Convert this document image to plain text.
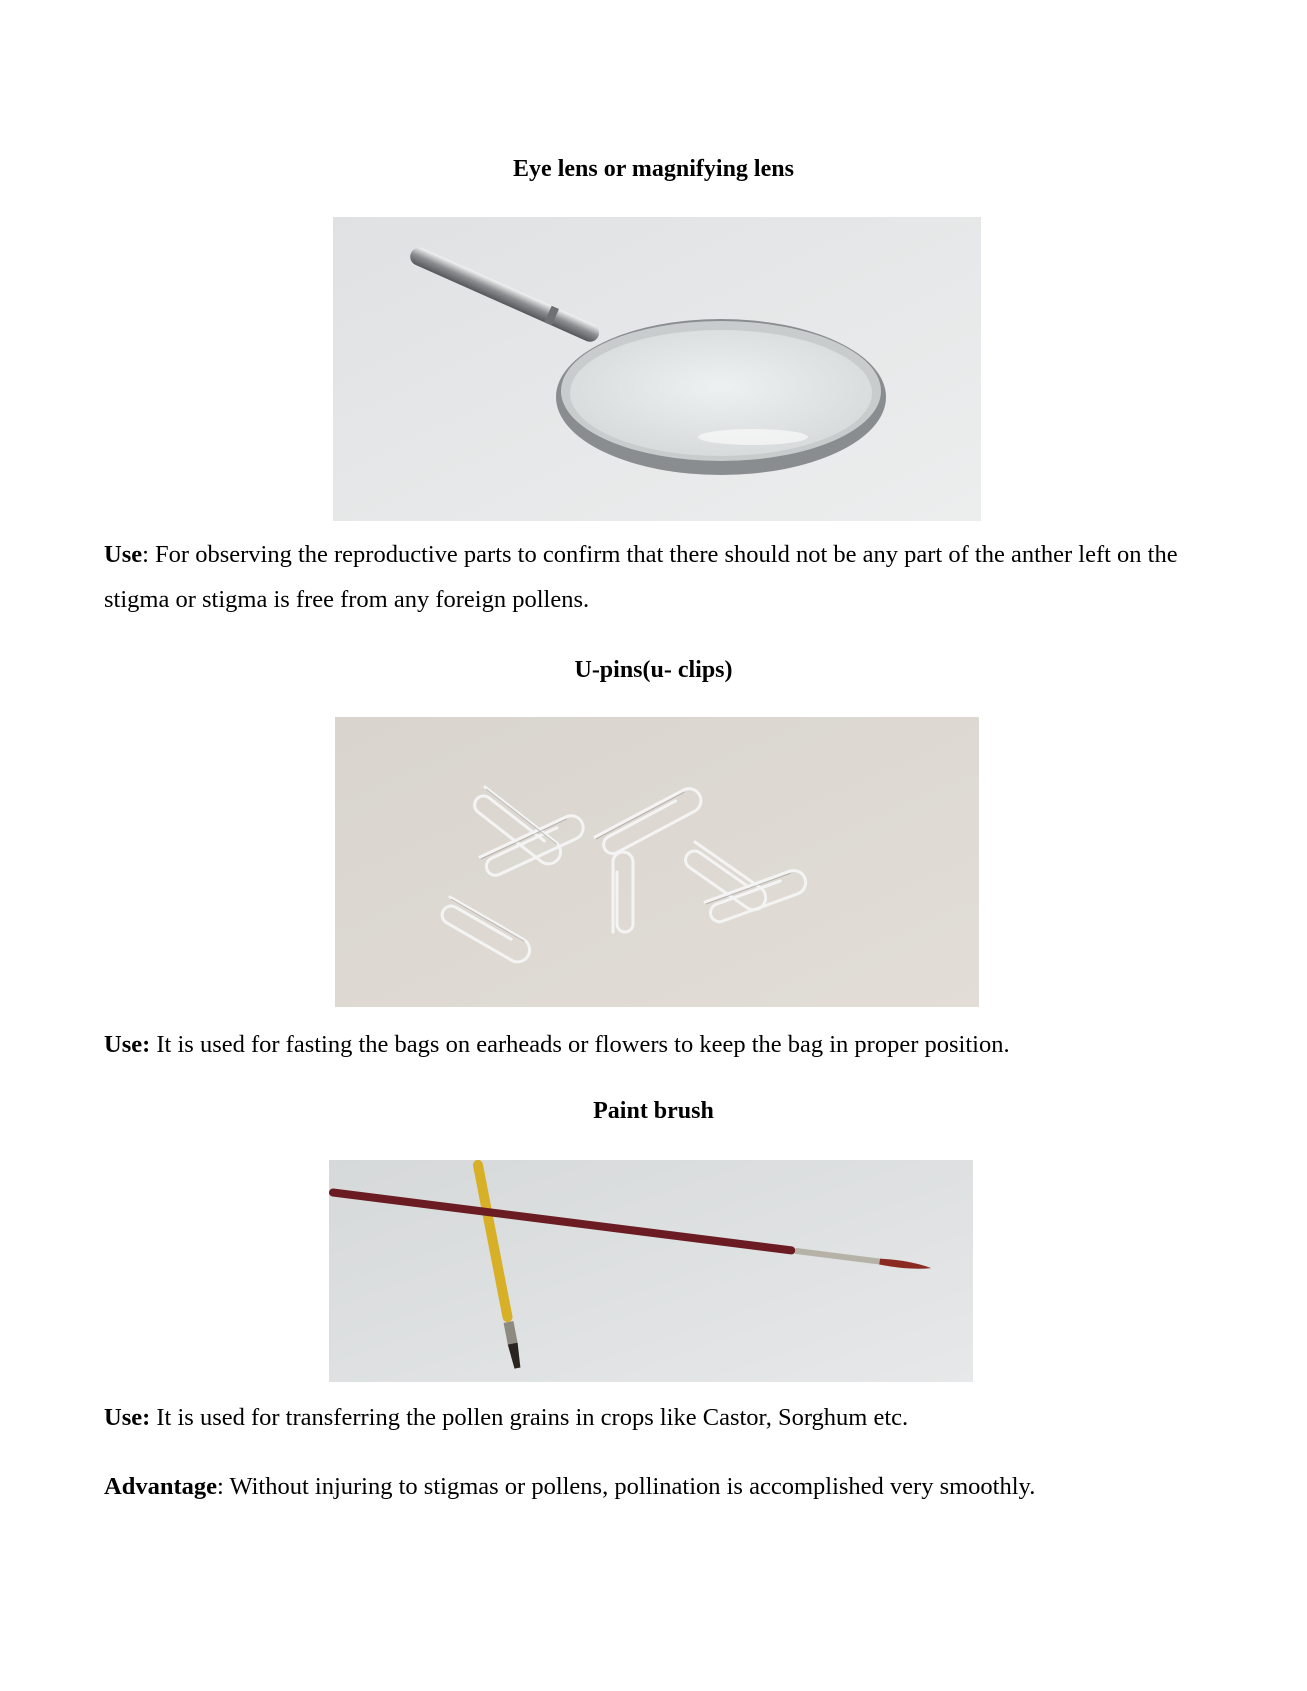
Eye lens or magnifying lens

Use: For observing the reproductive parts to confirm that there should not be any part of the anther left on the stigma or stigma is free from any foreign pollens.

U-pins(u- clips)

Use: It is used for fasting the bags on earheads or flowers to keep the bag in proper position.

Paint brush

Use: It is used for transferring the pollen grains in crops like Castor, Sorghum etc.

Advantage: Without injuring to stigmas or pollens, pollination is accomplished very smoothly.
